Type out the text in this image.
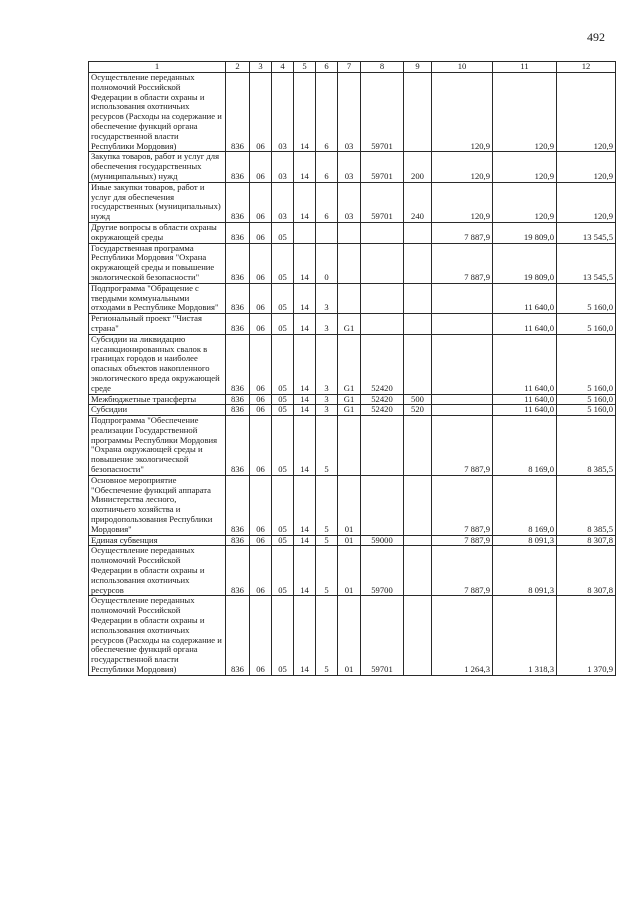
492
1	2	3	4	5	6	7	8	9	10	11	12
Осуществление переданных полномочий Российской Федерации в области охраны и использования охотничьих ресурсов (Расходы на содержание и обеспечение функций органа государственной власти Республики Мордовия)	836	06	03	14	6	03	59701		120,9	120,9	120,9
Закупка товаров, работ и услуг для обеспечения государственных (муниципальных) нужд	836	06	03	14	6	03	59701	200	120,9	120,9	120,9
Иные закупки товаров, работ и услуг для обеспечения государственных (муниципальных) нужд	836	06	03	14	6	03	59701	240	120,9	120,9	120,9
Другие вопросы в области охраны окружающей среды	836	06	05						7 887,9	19 809,0	13 545,5
Государственная программа Республики Мордовия "Охрана окружающей среды и повышение экологической безопасности"	836	06	05	14	0				7 887,9	19 809,0	13 545,5
Подпрограмма "Обращение с твердыми коммунальными отходами в Республике Мордовия"	836	06	05	14	3					11 640,0	5 160,0
Региональный проект "Чистая страна"	836	06	05	14	3	G1				11 640,0	5 160,0
Субсидии на ликвидацию несанкционированных свалок в границах городов и наиболее опасных объектов накопленного экологического вреда окружающей среде	836	06	05	14	3	G1	52420			11 640,0	5 160,0
Межбюджетные трансферты	836	06	05	14	3	G1	52420	500		11 640,0	5 160,0
Субсидии	836	06	05	14	3	G1	52420	520		11 640,0	5 160,0
Подпрограмма "Обеспечение реализации Государственной программы Республики Мордовия "Охрана окружающей среды и повышение экологической безопасности"	836	06	05	14	5				7 887,9	8 169,0	8 385,5
Основное мероприятие "Обеспечение функций аппарата Министерства лесного, охотничьего хозяйства и природопользования Республики Мордовия"	836	06	05	14	5	01			7 887,9	8 169,0	8 385,5
Единая субвенция	836	06	05	14	5	01	59000		7 887,9	8 091,3	8 307,8
Осуществление переданных полномочий Российской Федерации в области охраны и использования охотничьих ресурсов	836	06	05	14	5	01	59700		7 887,9	8 091,3	8 307,8
Осуществление переданных полномочий Российской Федерации в области охраны и использования охотничьих ресурсов (Расходы на содержание и обеспечение функций органа государственной власти Республики Мордовия)	836	06	05	14	5	01	59701		1 264,3	1 318,3	1 370,9
